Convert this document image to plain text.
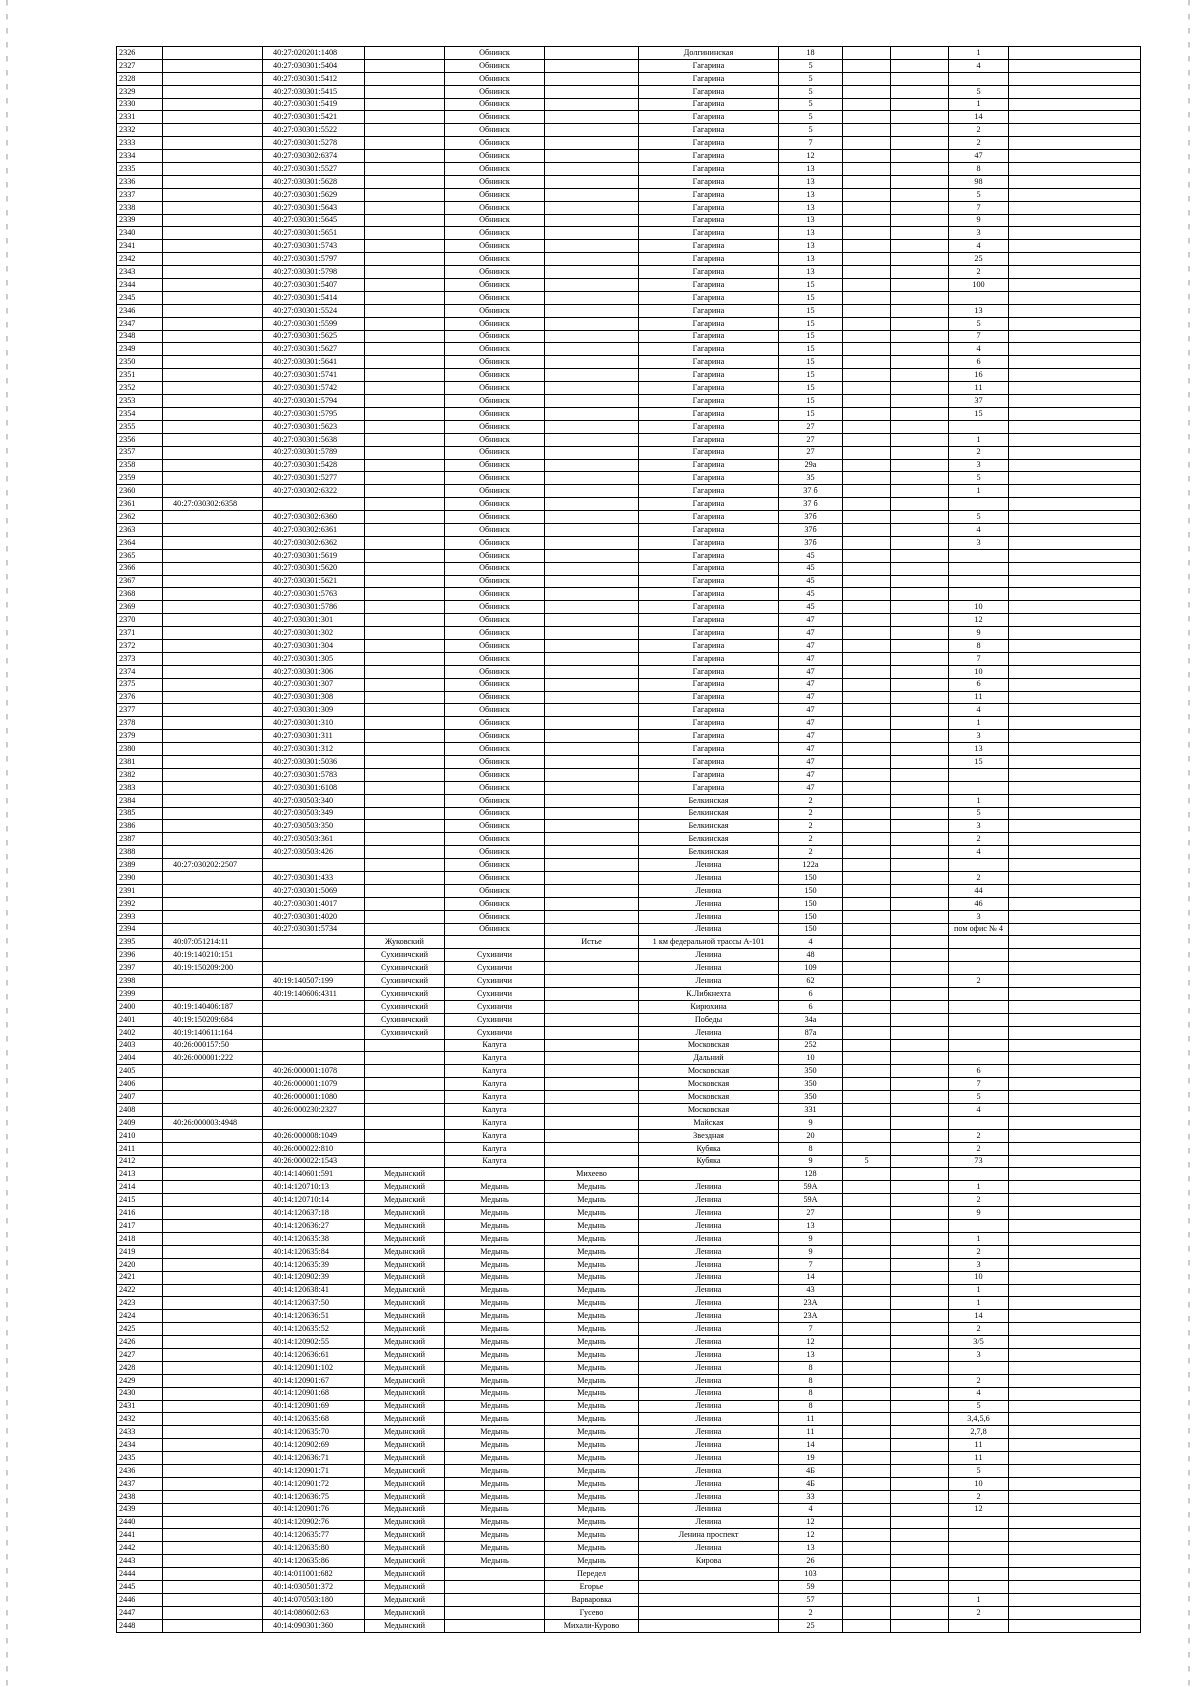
2326		40:27:020201:1408		Обнинск		Долгининская	18			1	
2327		40:27:030301:5404		Обнинск		Гагарина	5			4	
2328		40:27:030301:5412		Обнинск		Гагарина	5				
2329		40:27:030301:5415		Обнинск		Гагарина	5			5	
2330		40:27:030301:5419		Обнинск		Гагарина	5			1	
2331		40:27:030301:5421		Обнинск		Гагарина	5			14	
2332		40:27:030301:5522		Обнинск		Гагарина	5			2	
2333		40:27:030301:5278		Обнинск		Гагарина	7			2	
2334		40:27:030302:6374		Обнинск		Гагарина	12			47	
2335		40:27:030301:5527		Обнинск		Гагарина	13			8	
2336		40:27:030301:5628		Обнинск		Гагарина	13			98	
2337		40:27:030301:5629		Обнинск		Гагарина	13			5	
2338		40:27:030301:5643		Обнинск		Гагарина	13			7	
2339		40:27:030301:5645		Обнинск		Гагарина	13			9	
2340		40:27:030301:5651		Обнинск		Гагарина	13			3	
2341		40:27:030301:5743		Обнинск		Гагарина	13			4	
2342		40:27:030301:5797		Обнинск		Гагарина	13			25	
2343		40:27:030301:5798		Обнинск		Гагарина	13			2	
2344		40:27:030301:5407		Обнинск		Гагарина	15			100	
2345		40:27:030301:5414		Обнинск		Гагарина	15				
2346		40:27:030301:5524		Обнинск		Гагарина	15			13	
2347		40:27:030301:5599		Обнинск		Гагарина	15			5	
2348		40:27:030301:5625		Обнинск		Гагарина	15			7	
2349		40:27:030301:5627		Обнинск		Гагарина	15			4	
2350		40:27:030301:5641		Обнинск		Гагарина	15			6	
2351		40:27:030301:5741		Обнинск		Гагарина	15			16	
2352		40:27:030301:5742		Обнинск		Гагарина	15			11	
2353		40:27:030301:5794		Обнинск		Гагарина	15			37	
2354		40:27:030301:5795		Обнинск		Гагарина	15			15	
2355		40:27:030301:5623		Обнинск		Гагарина	27				
2356		40:27:030301:5638		Обнинск		Гагарина	27			1	
2357		40:27:030301:5789		Обнинск		Гагарина	27			2	
2358		40:27:030301:5428		Обнинск		Гагарина	29а			3	
2359		40:27:030301:5277		Обнинск		Гагарина	35			5	
2360		40:27:030302:6322		Обнинск		Гагарина	37 б			1	
2361	40:27:030302:6358			Обнинск		Гагарина	37 б				
2362		40:27:030302:6360		Обнинск		Гагарина	37б			5	
2363		40:27:030302:6361		Обнинск		Гагарина	37б			4	
2364		40:27:030302:6362		Обнинск		Гагарина	37б			3	
2365		40:27:030301:5619		Обнинск		Гагарина	45				
2366		40:27:030301:5620		Обнинск		Гагарина	45				
2367		40:27:030301:5621		Обнинск		Гагарина	45				
2368		40:27:030301:5763		Обнинск		Гагарина	45				
2369		40:27:030301:5786		Обнинск		Гагарина	45			10	
2370		40:27:030301:301		Обнинск		Гагарина	47			12	
2371		40:27:030301:302		Обнинск		Гагарина	47			9	
2372		40:27:030301:304		Обнинск		Гагарина	47			8	
2373		40:27:030301:305		Обнинск		Гагарина	47			7	
2374		40:27:030301:306		Обнинск		Гагарина	47			10	
2375		40:27:030301:307		Обнинск		Гагарина	47			6	
2376		40:27:030301:308		Обнинск		Гагарина	47			11	
2377		40:27:030301:309		Обнинск		Гагарина	47			4	
2378		40:27:030301:310		Обнинск		Гагарина	47			1	
2379		40:27:030301:311		Обнинск		Гагарина	47			3	
2380		40:27:030301:312		Обнинск		Гагарина	47			13	
2381		40:27:030301:5036		Обнинск		Гагарина	47			15	
2382		40:27:030301:5783		Обнинск		Гагарина	47				
2383		40:27:030301:6108		Обнинск		Гагарина	47				
2384		40:27:030503:340		Обнинск		Белкинская	2			1	
2385		40:27:030503:349		Обнинск		Белкинская	2			5	
2386		40:27:030503:350		Обнинск		Белкинская	2			3	
2387		40:27:030503:361		Обнинск		Белкинская	2			2	
2388		40:27:030503:426		Обнинск		Белкинская	2			4	
2389	40:27:030202:2507			Обнинск		Ленина	122а				
2390		40:27:030301:433		Обнинск		Ленина	150			2	
2391		40:27:030301:5069		Обнинск		Ленина	150			44	
2392		40:27:030301:4017		Обнинск		Ленина	150			46	
2393		40:27:030301:4020		Обнинск		Ленина	150			3	
2394		40:27:030301:5734		Обнинск		Ленина	150			пом офис № 4	
2395	40:07:051214:11		Жуковский		Истье	1 км федеральной трассы А-101	4				
2396	40:19:140210:151		Сухиничский	Сухиничи		Ленина	48				
2397	40:19:150209:200		Сухиничский	Сухиничи		Ленина	109				
2398		40:19:140507:199	Сухиничский	Сухиничи		Ленина	62			2	
2399		40:19:140606:4311	Сухиничский	Сухиничи		К.Либкнехта	6				
2400	40:19:140406:187		Сухиничский	Сухиничи		Кирюхина	6				
2401	40:19:150209:684		Сухиничский	Сухиничи		Победы	34а				
2402	40:19:140611:164		Сухиничский	Сухиничи		Ленина	87а				
2403	40:26:000157:50			Калуга		Московская	252				
2404	40:26:000001:222			Калуга		Дальний	10				
2405		40:26:000001:1078		Калуга		Московская	350			6	
2406		40:26:000001:1079		Калуга		Московская	350			7	
2407		40:26:000001:1080		Калуга		Московская	350			5	
2408		40:26:000230:2327		Калуга		Московская	331			4	
2409	40:26:000003:4948			Калуга		Майская	9				
2410		40:26:000008:1049		Калуга		Звездная	20			2	
2411		40:26:000022:810		Калуга		Кубяка	8			2	
2412		40:26:000022:1543		Калуга		Кубяка	9	5		73	
2413		40:14:140601:591	Медынский		Михеево		128				
2414		40:14:120710:13	Медынский	Медынь	Медынь	Ленина	59А			1	
2415		40:14:120710:14	Медынский	Медынь	Медынь	Ленина	59А			2	
2416		40:14:120637:18	Медынский	Медынь	Медынь	Ленина	27			9	
2417		40:14:120636:27	Медынский	Медынь	Медынь	Ленина	13				
2418		40:14:120635:38	Медынский	Медынь	Медынь	Ленина	9			1	
2419		40:14:120635:84	Медынский	Медынь	Медынь	Ленина	9			2	
2420		40:14:120635:39	Медынский	Медынь	Медынь	Ленина	7			3	
2421		40:14:120902:39	Медынский	Медынь	Медынь	Ленина	14			10	
2422		40:14:120638:41	Медынский	Медынь	Медынь	Ленина	43			1	
2423		40:14:120637:50	Медынский	Медынь	Медынь	Ленина	23А			1	
2424		40:14:120636:51	Медынский	Медынь	Медынь	Ленина	23А			14	
2425		40:14:120635:52	Медынский	Медынь	Медынь	Ленина	7			2	
2426		40:14:120902:55	Медынский	Медынь	Медынь	Ленина	12			3/5	
2427		40:14:120636:61	Медынский	Медынь	Медынь	Ленина	13			3	
2428		40:14:120901:102	Медынский	Медынь	Медынь	Ленина	8				
2429		40:14:120901:67	Медынский	Медынь	Медынь	Ленина	8			2	
2430		40:14:120901:68	Медынский	Медынь	Медынь	Ленина	8			4	
2431		40:14:120901:69	Медынский	Медынь	Медынь	Ленина	8			5	
2432		40:14:120635:68	Медынский	Медынь	Медынь	Ленина	11			3,4,5,6	
2433		40:14:120635:70	Медынский	Медынь	Медынь	Ленина	11			2,7,8	
2434		40:14:120902:69	Медынский	Медынь	Медынь	Ленина	14			11	
2435		40:14:120636:71	Медынский	Медынь	Медынь	Ленина	19			11	
2436		40:14:120901:71	Медынский	Медынь	Медынь	Ленина	4Б			5	
2437		40:14:120901:72	Медынский	Медынь	Медынь	Ленина	4Б			10	
2438		40:14:120636:75	Медынский	Медынь	Медынь	Ленина	33			2	
2439		40:14:120901:76	Медынский	Медынь	Медынь	Ленина	4			12	
2440		40:14:120902:76	Медынский	Медынь	Медынь	Ленина	12				
2441		40:14:120635:77	Медынский	Медынь	Медынь	Ленина проспект	12				
2442		40:14:120635:80	Медынский	Медынь	Медынь	Ленина	13				
2443		40:14:120635:86	Медынский	Медынь	Медынь	Кирова	26				
2444		40:14:011001:682	Медынский		Передел		103				
2445		40:14:030501:372	Медынский		Егорье		59				
2446		40:14:070503:180	Медынский		Варваровка		57			1	
2447		40:14:080602:63	Медынский		Гусево		2			2	
2448		40:14:090301:360	Медынский		Михали-Курово		25				
